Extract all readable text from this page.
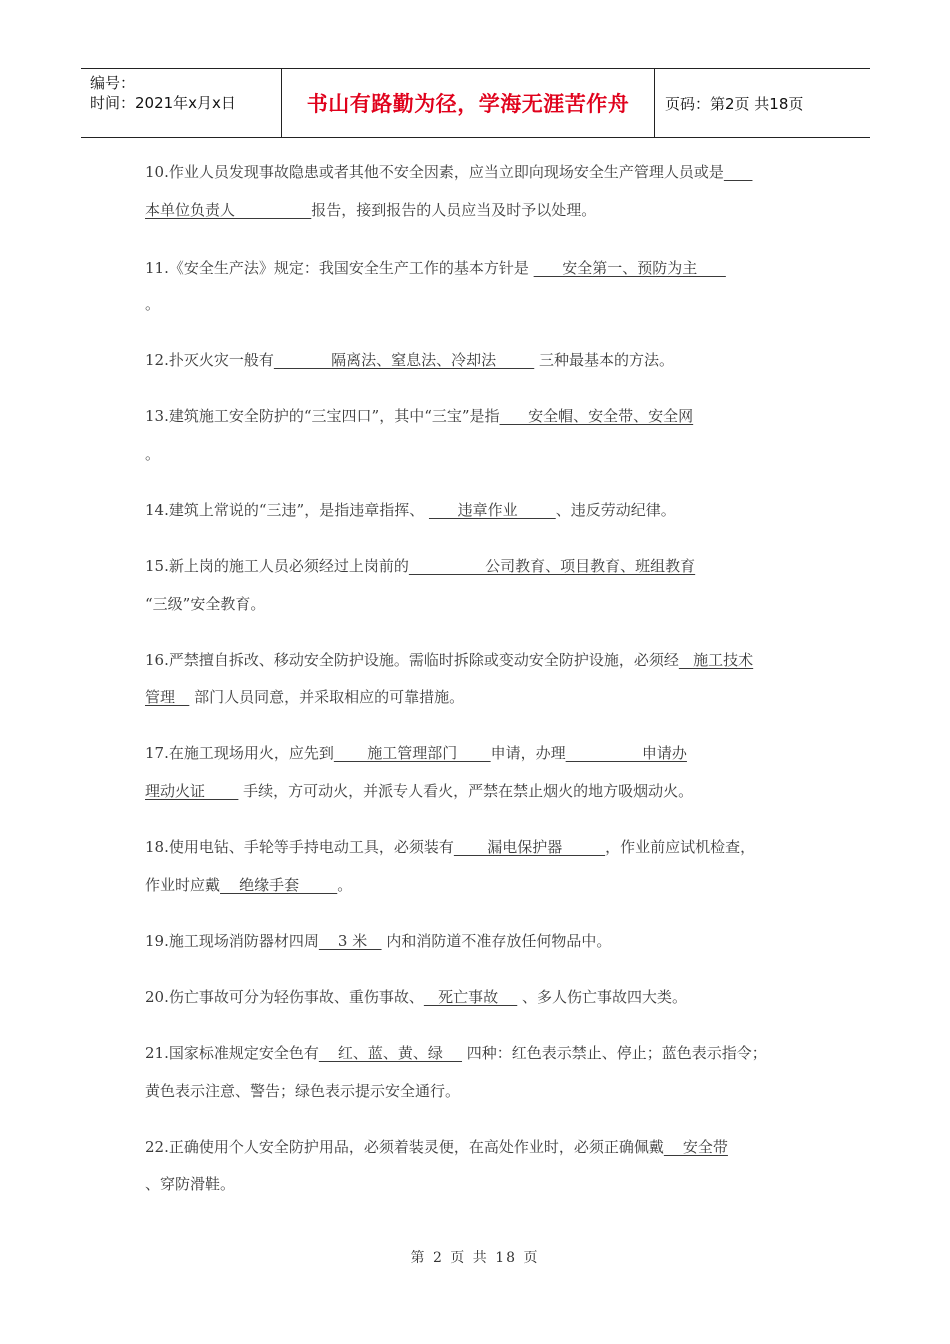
编号：
时间：2021年x月x日	书山有路勤为径，学海无涯苦作舟	页码：第2页 共18页
10.作业人员发现事故隐患或者其他不安全因素，应当立即向现场安全生产管理人员或是
本单位负责人                报告，接到报告的人员应当及时予以处理。
11.《安全生产法》规定：我国安全生产工作的基本方针是       安全第一、预防为主
。
12.扑灭火灾一般有            隔离法、窒息法、冷却法         三种最基本的方法。
13.建筑施工安全防护的“三宝四口”，其中“三宝”是指      安全帽、安全带、安全网
。
14.建筑上常说的“三违”，是指违章指挥、       违章作业        、违反劳动纪律。
15.新上岗的施工人员必须经过上岗前的                公司教育、项目教育、班组教育
“三级”安全教育。
16.严禁擅自拆改、移动安全防护设施。需临时拆除或变动安全防护设施，必须经   施工技术
管理    部门人员同意，并采取相应的可靠措施。
17.在施工现场用火，应先到       施工管理部门       申请，办理                申请办
理动火证        手续，方可动火，并派专人看火，严禁在禁止烟火的地方吸烟动火。
18.使用电钻、手轮等手持电动工具，必须装有       漏电保护器         ，作业前应试机检查，
作业时应戴    绝缘手套        。
19.施工现场消防器材四周    3 米    内和消防道不准存放任何物品中。
20.伤亡事故可分为轻伤事故、重伤事故、   死亡事故     、多人伤亡事故四大类。
21.国家标准规定安全色有    红、蓝、黄、绿     四种：红色表示禁止、停止；蓝色表示指令；
黄色表示注意、警告；绿色表示提示安全通行。
22.正确使用个人安全防护用品，必须着装灵便，在高处作业时，必须正确佩戴    安全带
、穿防滑鞋。
第 2 页 共 18 页
